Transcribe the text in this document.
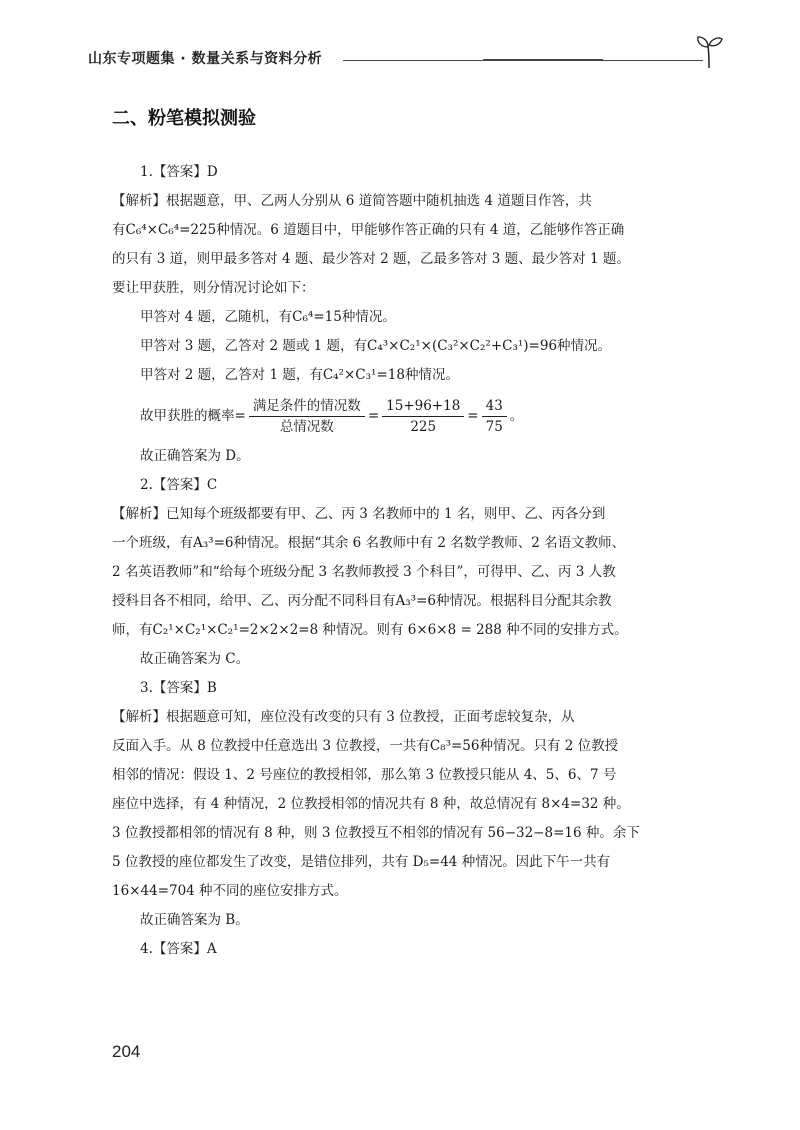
山东专项题集 · 数量关系与资料分析
二、粉笔模拟测验
1.【答案】D
【解析】根据题意，甲、乙两人分别从 6 道简答题中随机抽选 4 道题目作答，共
有C₆⁴×C₆⁴=225种情况。6 道题目中，甲能够作答正确的只有 4 道，乙能够作答正确
的只有 3 道，则甲最多答对 4 题、最少答对 2 题，乙最多答对 3 题、最少答对 1 题。
要让甲获胜，则分情况讨论如下：
甲答对 4 题，乙随机，有C₆⁴=15种情况。
甲答对 3 题，乙答对 2 题或 1 题，有C₄³×C₂¹×(C₃²×C₂²+C₃¹)=96种情况。
甲答对 2 题，乙答对 1 题，有C₄²×C₃¹=18种情况。
故甲获胜的概率= $\frac{\text{满足条件的情况数}}{\text{总情况数}} = \frac{15+96+18}{225} = \frac{43}{75}$ 。
故正确答案为 D。
2.【答案】C
【解析】已知每个班级都要有甲、乙、丙 3 名教师中的 1 名，则甲、乙、丙各分到
一个班级，有A₃³=6种情况。根据“其余 6 名教师中有 2 名数学教师、2 名语文教师、
2 名英语教师”和“给每个班级分配 3 名教师教授 3 个科目”，可得甲、乙、丙 3 人教
授科目各不相同，给甲、乙、丙分配不同科目有A₃³=6种情况。根据科目分配其余教
师，有C₂¹×C₂¹×C₂¹=2×2×2=8 种情况。则有 6×6×8 = 288 种不同的安排方式。
故正确答案为 C。
3.【答案】B
【解析】根据题意可知，座位没有改变的只有 3 位教授，正面考虑较复杂，从
反面入手。从 8 位教授中任意选出 3 位教授，一共有C₈³=56种情况。只有 2 位教授
相邻的情况：假设 1、2 号座位的教授相邻，那么第 3 位教授只能从 4、5、6、7 号
座位中选择，有 4 种情况，2 位教授相邻的情况共有 8 种，故总情况有 8×4=32 种。
3 位教授都相邻的情况有 8 种，则 3 位教授互不相邻的情况有 56−32−8=16 种。余下
5 位教授的座位都发生了改变，是错位排列，共有 D₅=44 种情况。因此下午一共有
16×44=704 种不同的座位安排方式。
故正确答案为 B。
4.【答案】A
204
